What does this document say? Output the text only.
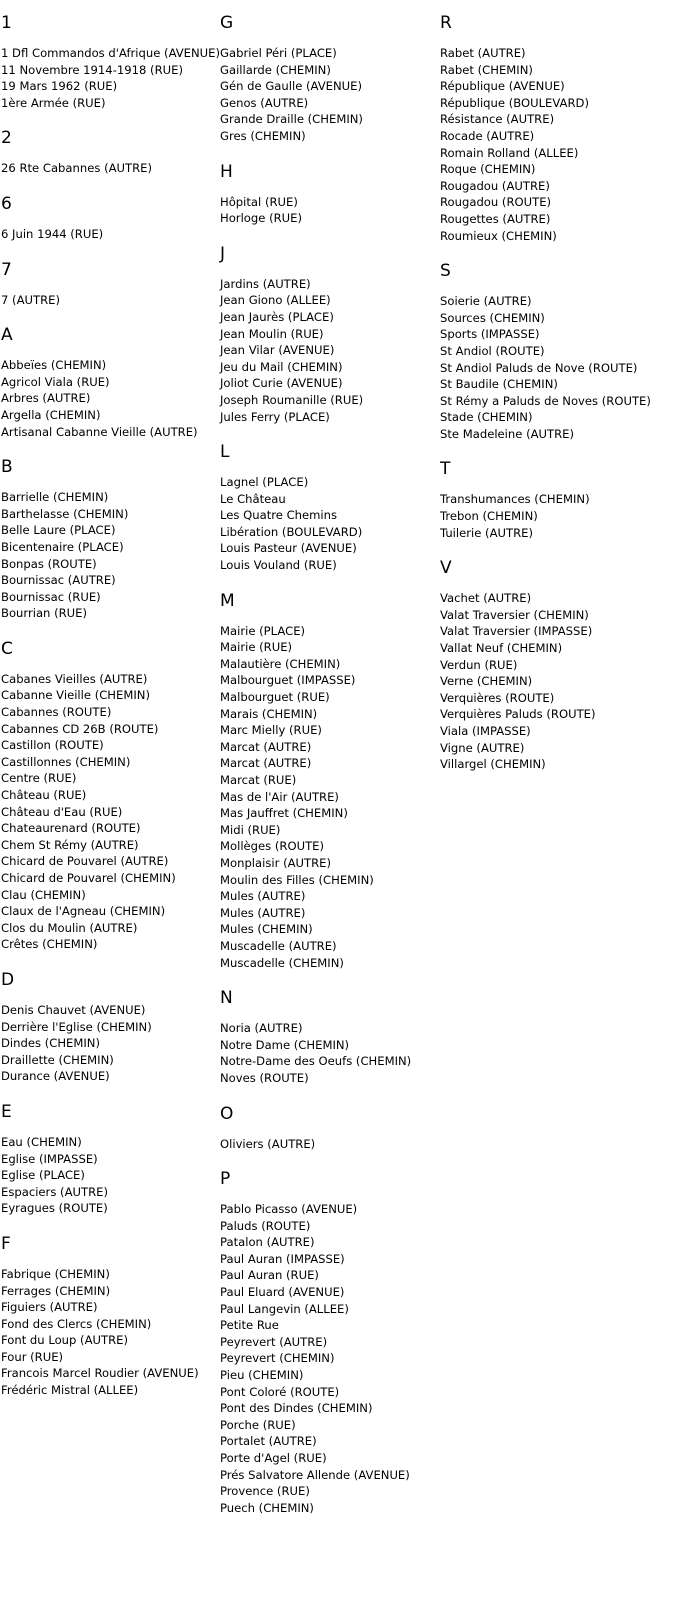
1
1 Dfl Commandos d'Afrique (AVENUE)
11 Novembre 1914-1918 (RUE)
19 Mars 1962 (RUE)
1ère Armée (RUE)
2
26 Rte Cabannes (AUTRE)
6
6 Juin 1944 (RUE)
7
7 (AUTRE)
A
Abbeïes (CHEMIN)
Agricol Viala (RUE)
Arbres (AUTRE)
Argella (CHEMIN)
Artisanal Cabanne Vieille (AUTRE)
B
Barrielle (CHEMIN)
Barthelasse (CHEMIN)
Belle Laure (PLACE)
Bicentenaire (PLACE)
Bonpas (ROUTE)
Bournissac (AUTRE)
Bournissac (RUE)
Bourrian (RUE)
C
Cabanes Vieilles (AUTRE)
Cabanne Vieille (CHEMIN)
Cabannes (ROUTE)
Cabannes CD 26B (ROUTE)
Castillon (ROUTE)
Castillonnes (CHEMIN)
Centre (RUE)
Château (RUE)
Château d'Eau (RUE)
Chateaurenard (ROUTE)
Chem St Rémy (AUTRE)
Chicard de Pouvarel (AUTRE)
Chicard de Pouvarel (CHEMIN)
Clau (CHEMIN)
Claux de l'Agneau (CHEMIN)
Clos du Moulin (AUTRE)
Crêtes (CHEMIN)
D
Denis Chauvet (AVENUE)
Derrière l'Eglise (CHEMIN)
Dindes (CHEMIN)
Draillette (CHEMIN)
Durance (AVENUE)
E
Eau (CHEMIN)
Eglise (IMPASSE)
Eglise (PLACE)
Espaciers (AUTRE)
Eyragues (ROUTE)
F
Fabrique (CHEMIN)
Ferrages (CHEMIN)
Figuiers (AUTRE)
Fond des Clercs (CHEMIN)
Font du Loup (AUTRE)
Four (RUE)
Francois Marcel Roudier (AVENUE)
Frédéric Mistral (ALLEE)
G
Gabriel Péri (PLACE)
Gaillarde (CHEMIN)
Gén de Gaulle (AVENUE)
Genos (AUTRE)
Grande Draille (CHEMIN)
Gres (CHEMIN)
H
Hôpital (RUE)
Horloge (RUE)
J
Jardins (AUTRE)
Jean Giono (ALLEE)
Jean Jaurès (PLACE)
Jean Moulin (RUE)
Jean Vilar (AVENUE)
Jeu du Mail (CHEMIN)
Joliot Curie (AVENUE)
Joseph Roumanille (RUE)
Jules Ferry (PLACE)
L
Lagnel (PLACE)
Le Château
Les Quatre Chemins
Libération (BOULEVARD)
Louis Pasteur (AVENUE)
Louis Vouland (RUE)
M
Mairie (PLACE)
Mairie (RUE)
Malautière (CHEMIN)
Malbourguet (IMPASSE)
Malbourguet (RUE)
Marais (CHEMIN)
Marc Mielly (RUE)
Marcat (AUTRE)
Marcat (AUTRE)
Marcat (RUE)
Mas de l'Air (AUTRE)
Mas Jauffret (CHEMIN)
Midi (RUE)
Mollèges (ROUTE)
Monplaisir (AUTRE)
Moulin des Filles (CHEMIN)
Mules (AUTRE)
Mules (AUTRE)
Mules (CHEMIN)
Muscadelle (AUTRE)
Muscadelle (CHEMIN)
N
Noria (AUTRE)
Notre Dame (CHEMIN)
Notre-Dame des Oeufs (CHEMIN)
Noves (ROUTE)
O
Oliviers (AUTRE)
P
Pablo Picasso (AVENUE)
Paluds (ROUTE)
Patalon (AUTRE)
Paul Auran (IMPASSE)
Paul Auran (RUE)
Paul Eluard (AVENUE)
Paul Langevin (ALLEE)
Petite Rue
Peyrevert (AUTRE)
Peyrevert (CHEMIN)
Pieu (CHEMIN)
Pont Coloré (ROUTE)
Pont des Dindes (CHEMIN)
Porche (RUE)
Portalet (AUTRE)
Porte d'Agel (RUE)
Prés Salvatore Allende (AVENUE)
Provence (RUE)
Puech (CHEMIN)
R
Rabet (AUTRE)
Rabet (CHEMIN)
République (AVENUE)
République (BOULEVARD)
Résistance (AUTRE)
Rocade (AUTRE)
Romain Rolland (ALLEE)
Roque (CHEMIN)
Rougadou (AUTRE)
Rougadou (ROUTE)
Rougettes (AUTRE)
Roumieux (CHEMIN)
S
Soierie (AUTRE)
Sources (CHEMIN)
Sports (IMPASSE)
St Andiol (ROUTE)
St Andiol Paluds de Nove (ROUTE)
St Baudile (CHEMIN)
St Rémy a Paluds de Noves (ROUTE)
Stade (CHEMIN)
Ste Madeleine (AUTRE)
T
Transhumances (CHEMIN)
Trebon (CHEMIN)
Tuilerie (AUTRE)
V
Vachet (AUTRE)
Valat Traversier (CHEMIN)
Valat Traversier (IMPASSE)
Vallat Neuf (CHEMIN)
Verdun (RUE)
Verne (CHEMIN)
Verquières (ROUTE)
Verquières Paluds (ROUTE)
Viala (IMPASSE)
Vigne (AUTRE)
Villargel (CHEMIN)
